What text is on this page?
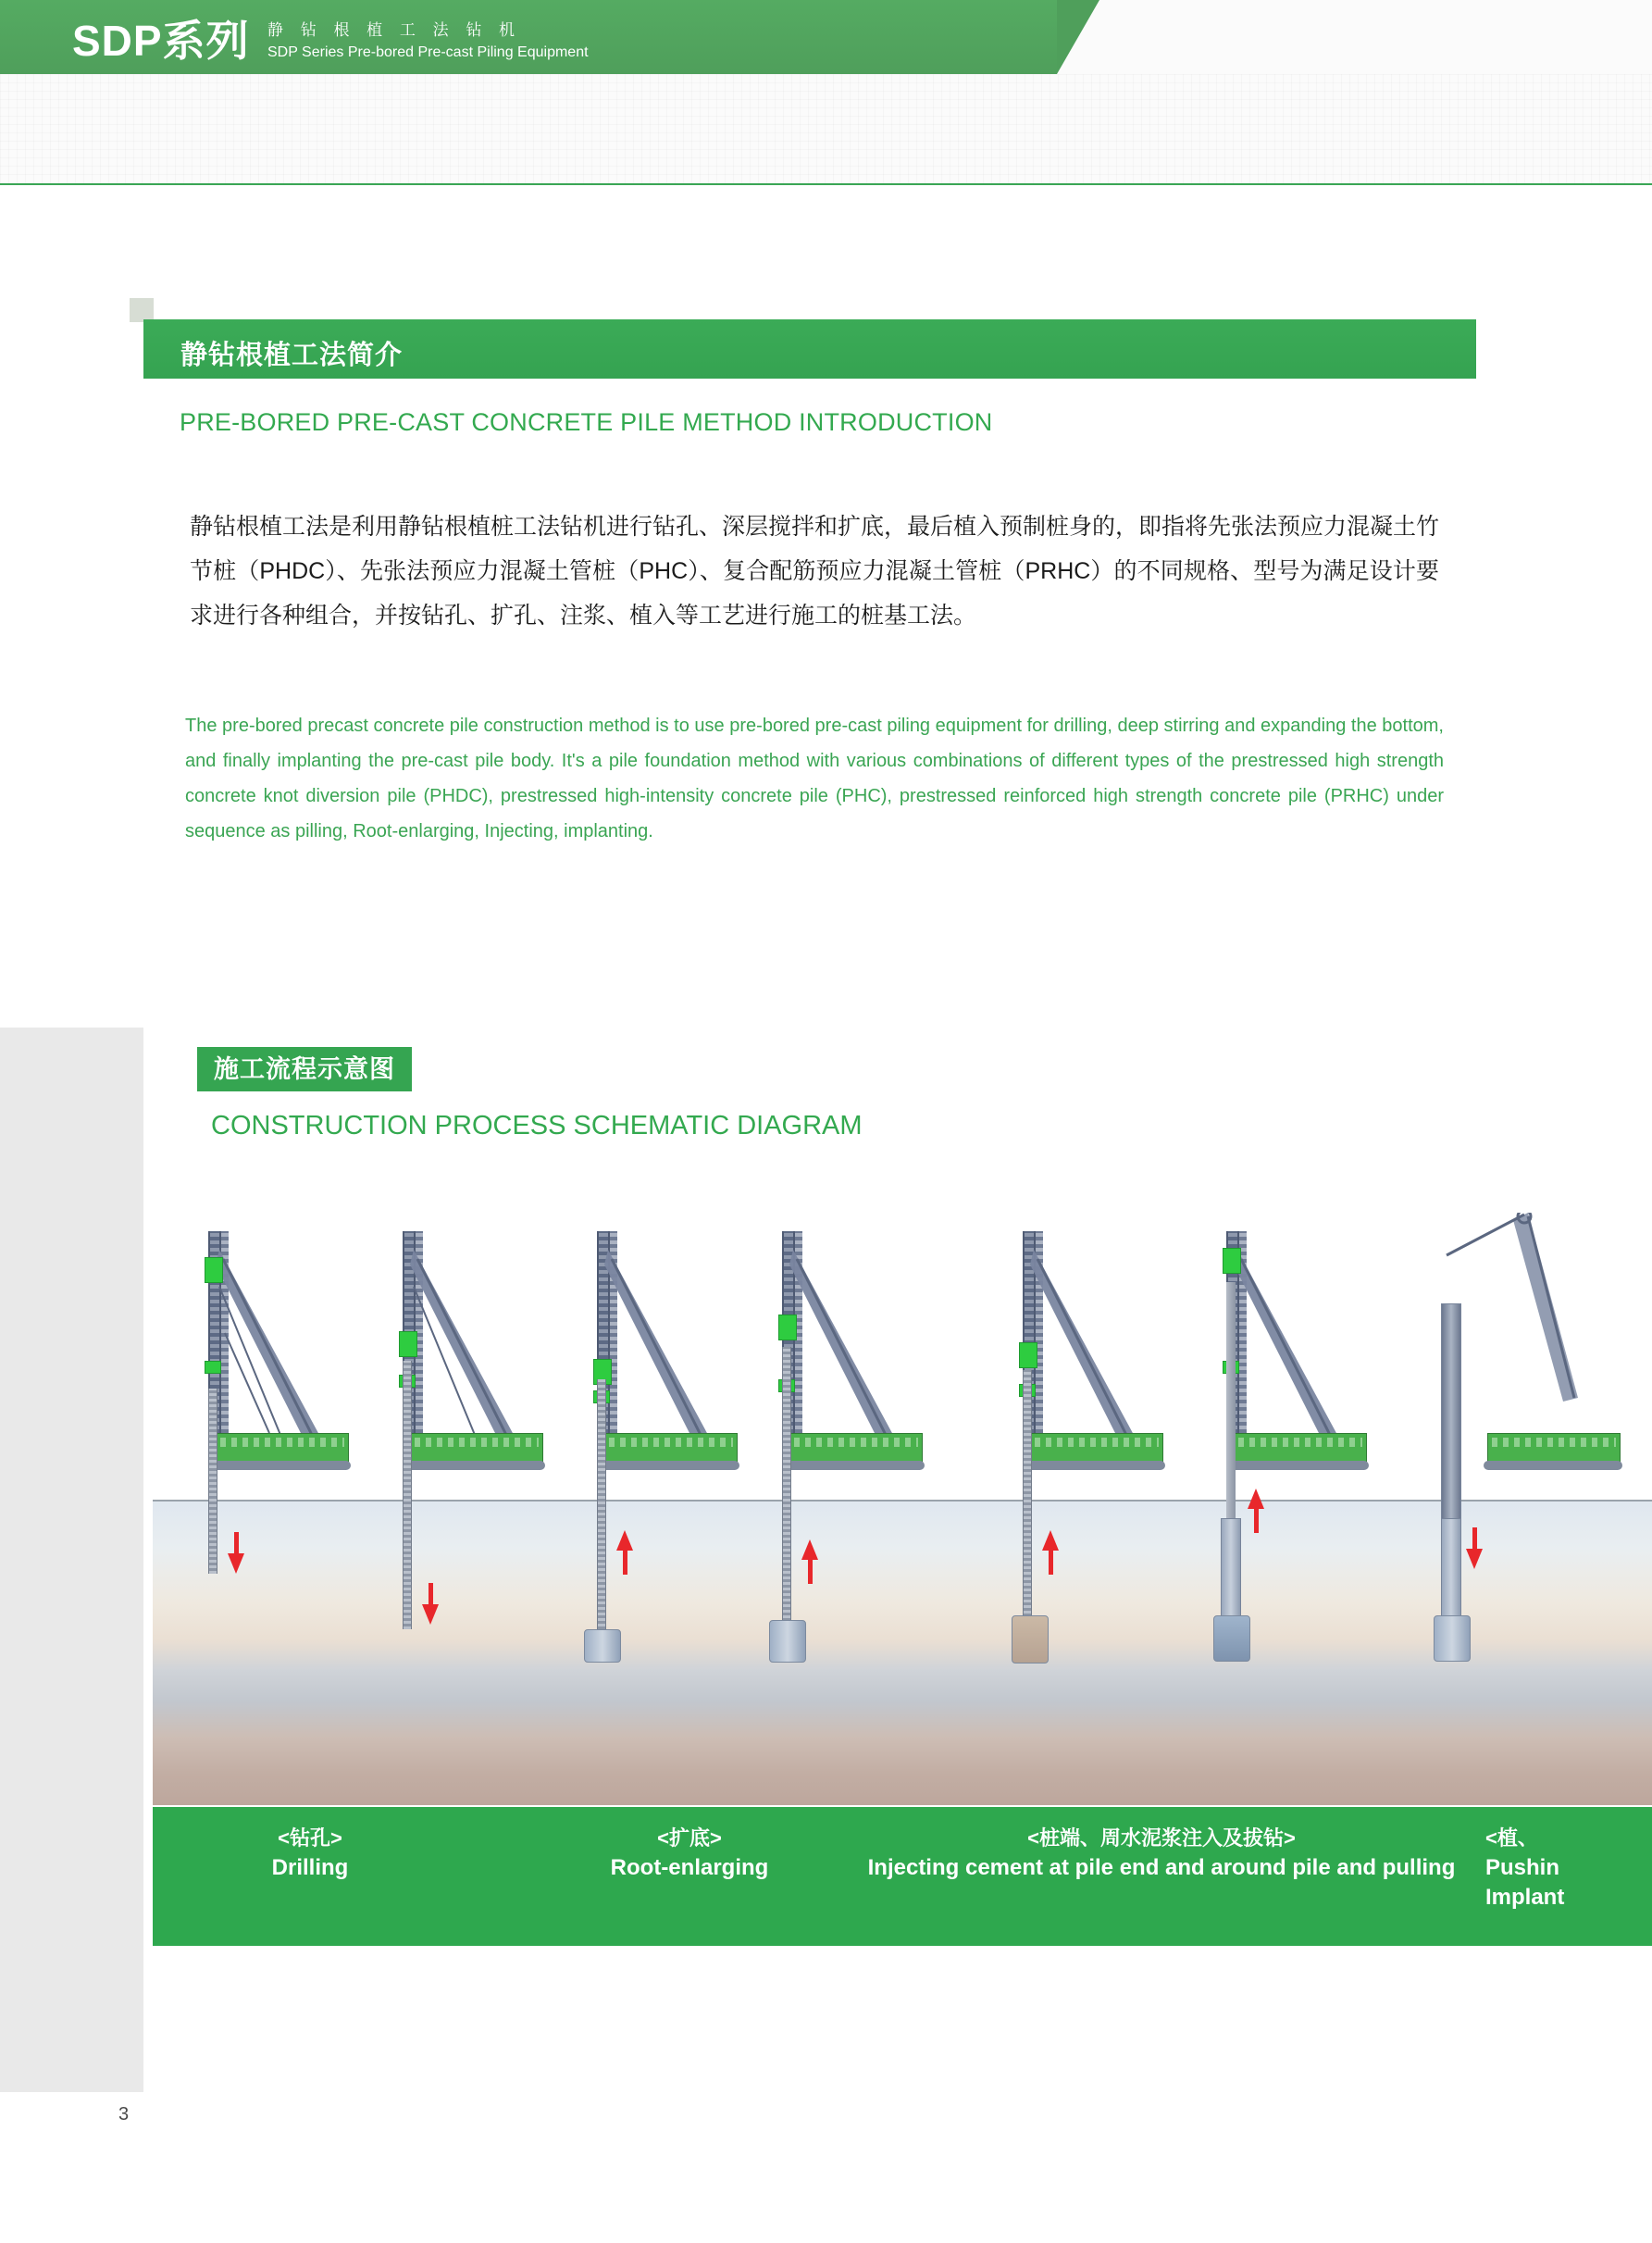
SDP系列 静 钻 根 植 工 法 钻 机
SDP Series Pre-bored Pre-cast Piling Equipment
静钻根植工法简介
PRE-BORED PRE-CAST CONCRETE PILE METHOD INTRODUCTION
静钻根植工法是利用静钻根植桩工法钻机进行钻孔、深层搅拌和扩底，最后植入预制桩身的，即指将先张法预应力混凝土竹节桩（PHDC）、先张法预应力混凝土管桩（PHC）、复合配筋预应力混凝土管桩（PRHC）的不同规格、型号为满足设计要求进行各种组合，并按钻孔、扩孔、注浆、植入等工艺进行施工的桩基工法。
The pre-bored precast concrete pile construction method is to use pre-bored pre-cast piling equipment for drilling, deep stirring and expanding the bottom, and finally implanting the pre-cast pile body. It's a pile foundation method with various combinations of different types of the prestressed high strength concrete knot diversion pile (PHDC), prestressed high-intensity concrete pile (PHC), prestressed reinforced high strength concrete pile (PRHC) under sequence as pilling, Root-enlarging, Injecting, implanting.
施工流程示意图
CONSTRUCTION PROCESS SCHEMATIC DIAGRAM
<钻孔>
Drilling
<扩底>
Root-enlarging
<桩端、周水泥浆注入及拔钻>
Injecting cement at pile end and around pile and pulling
<植、
Pushin
Implant
3
